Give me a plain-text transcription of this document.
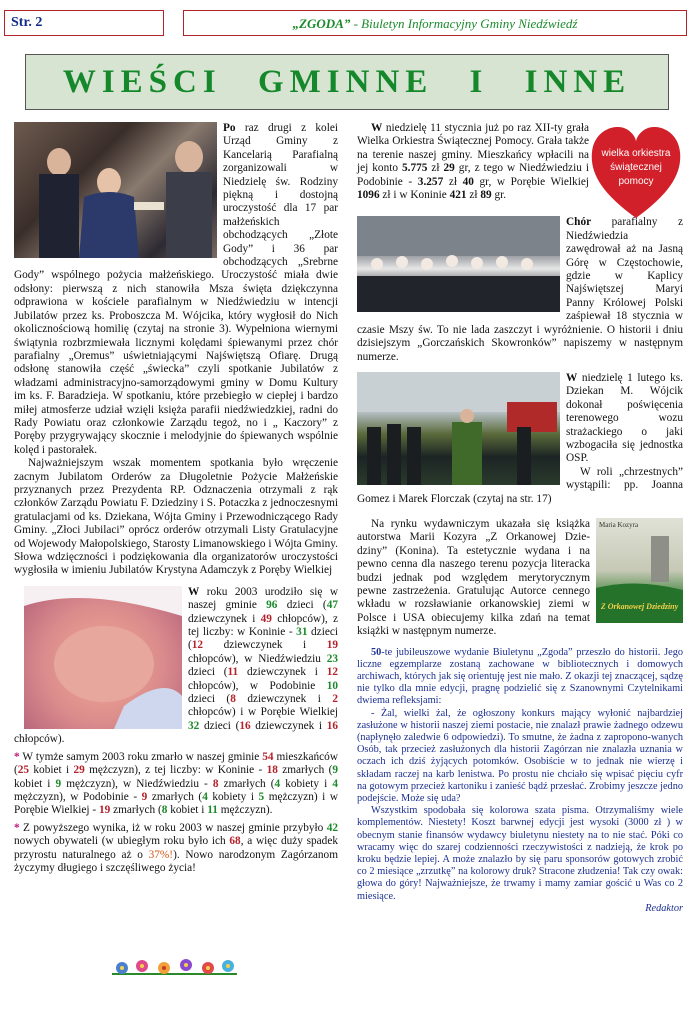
Str. 2	„ZGODA” - Biuletyn Informacyjny Gminy Niedźwiedź
WIEŚCI GMINNE I INNE

Po raz drugi z kolei Urząd Gminy z Kancelarią Parafialną zorganizowali w Niedzielę św. Rodziny piękną i dostojną uroczystość dla 17 par małżeńskich obchodzących „Złote Gody” i 36 par obchodzących „Srebrne Gody” wspólnego pożycia małżeńskiego. Uroczystość miała dwie odsłony: pierwszą z nich stanowiła Msza święta dziękczynna odprawiona w kościele parafialnym w Niedźwiedziu w intencji Jubilatów przez ks. Proboszcza M. Wójcika, który wygłosił do Nich okolicznościową homilię (czytaj na stronie 3). Wypełniona wiernymi świątynia rozbrzmiewała licznymi kolędami śpiewanymi przez chór parafialny „Oremus” uświetniającymi Najświętszą Ofiarę. Drugą odsłonę stanowiła część „świecka” czyli spotkanie Jubilatów z władzami administracyjno-samorządowymi gminy w Domu Kultury im ks. F. Baradzieja. W spotkaniu, które przebiegło w ciepłej i bardzo miłej atmosferze udział wzięli księża parafii niedźwiedzkiej, radni do Rady Powiatu oraz członkowie Zarządu tegoż, no i „ Kaczory” z Poręby przygrywający skocznie i melodyjnie do śpiewanych wspólnie kolęd i pastorałek.

Najważniejszym wszak momentem spotkania było wręczenie zacnym Jubilatom Orderów za Długoletnie Pożycie Małżeńskie przyznanych przez Prezydenta RP. Odznaczenia otrzymali z rąk członków Zarządu Powiatu F. Dziedziny i S. Potaczka z jednoczesnymi gratulacjami od ks. Dziekana, Wójta Gminy i Przewodniczącego Rady Gminy. „Złoci Jubilaci” oprócz orderów otrzymali Listy Gratulacyjne od Wojewody Małopolskiego, Starosty Limanowskiego i Wójta Gminy. Słowa wdzięczności i podziękowania dla organizatorów uroczystości wygłosiła w imieniu Jubilatów Krystyna Adamczyk z Poręby Wielkiej

W roku 2003 urodziło się w naszej gminie 96 dzieci (47 dziewczynek i 49 chłopców), z tej liczby: w Koninie - 31 dzieci (12 dziewczynek i 19 chłopców), w Niedźwiedziu 23 dzieci (11 dziewczynek i 12 chłopców), w Podobinie 10 dzieci (8 dziewczynek i 2 chłopców) i w Porębie Wielkiej 32 dzieci (16 dziewczynek i 16 chłopców).

* W tymże samym 2003 roku zmarło w naszej gminie 54 mieszkańców (25 kobiet i 29 mężczyzn), z tej liczby: w Koninie - 18 zmarłych (9 kobiet i 9 mężczyzn), w Niedźwiedziu - 8 zmarłych (4 kobiety i 4 mężczyzn), w Podobinie - 9 zmarłych (4 kobiety i 5 mężczyzn) i w Porębie Wielkiej - 19 zmarłych (8 kobiet i 11 mężczyzn).

* Z powyższego wynika, iż w roku 2003 w naszej gminie przybyło 42 nowych obywateli (w ubiegłym roku było ich 68, a więc duży spadek przyrostu naturalnego aż o 37%!). Nowo narodzonym Zagórzanom życzymy długiego i szczęśliwego życia!

wielka orkiestra
świątecznej
pomocy

W niedzielę 11 stycznia już po raz XII-ty grała Wielka Orkiestra Świątecznej Pomocy. Grała także na terenie naszej gminy. Mieszkańcy wpłacili na jej konto 5.775 zł 29 gr, z tego w Niedźwiedziu i Podobinie - 3.257 zł 40 gr, w Porębie Wielkiej 1096 zł i w Koninie 421 zł 89 gr.

Chór parafialny z Niedźwiedzia zawędrował aż na Jasną Górę w Częstochowie, gdzie w Kaplicy Najświętszej Maryi Panny Królowej Polski zaśpiewał 18 stycznia w czasie Mszy św. To nie lada zaszczyt i wyróżnienie. O historii i dniu dzisiejszym „Gorczańskich Skowronków” napiszemy w następnym numerze.

W niedzielę 1 lutego ks. Dziekan M. Wójcik dokonał poświęcenia terenowego wozu strażackiego o jaki wzbogaciła się jednostka OSP.

W roli „chrzestnych” wystąpili: pp. Joanna Gomez i Marek Florczak (czytaj na str. 17)

Maria Kozyra
Z Orkanowej Dziedziny

Na rynku wydawniczym ukazała się książka autorstwa Marii Kozyra „Z Orkanowej Dzie-dziny” (Konina). Ta estetycznie wydana i na pewno cenna dla naszego terenu pozycja literacka budzi jednak pod względem merytorycznym pewne zastrzeżenia. Gratulując Autorce cennego wkładu w rozsławianie orkanowskiej ziemi w Polsce i USA obiecujemy kilka zdań na temat książki w następnym numerze.

50-te jubileuszowe wydanie Biuletynu „Zgoda” przeszło do historii. Jego liczne egzemplarze zostaną zachowane w bibliotecznych i domowych archiwach, których jak się orientuję jest nie mało. Z okazji tej znaczącej, sądzę nie tylko dla mnie edycji, pragnę podzielić się z Szanownymi Czytelnikami dwiema refleksjami:

- Żal, wielki żal, że ogłoszony konkurs mający wyłonić najbardziej zasłużone w historii naszej ziemi postacie, nie znalazł prawie żadnego odzewu (napłynęło zaledwie 6 odpowiedzi). To smutne, że żadna z zapropono-wanych Osób, tak przecież zasłużonych dla historii Zagórzan nie znalazła uznania w oczach ich dziś żyjących potomków. Osobiście w to jednak nie wierzę i składam raczej na karb lenistwa. Po prostu nie chciało się wpisać pięciu cyfr na gotowym przecież kartoniku i zanieść bądź przesłać. Zrobimy jeszcze jedno podejście. Może się uda?

Wszystkim spodobała się kolorowa szata pisma. Otrzymaliśmy wiele komplementów. Niestety! Koszt barwnej edycji jest wysoki (3000 zł ) w obecnym stanie finansów wydawcy biuletynu niestety na to nie stać. Póki co wracamy więc do szarej codzienności rzeczywistości z nadzieją, że krok po kroku będzie lepiej. A może znalazło by się paru sponsorów gotowych zrobić co 2 miesiące „zrzutkę” na kolorowy druk? Straconе złudzenia! Tak czy owak: głowa do góry! Najważniejsze, że trwamy i mamy zamiar gościć u Was co 2 miesiące.

Redaktor
